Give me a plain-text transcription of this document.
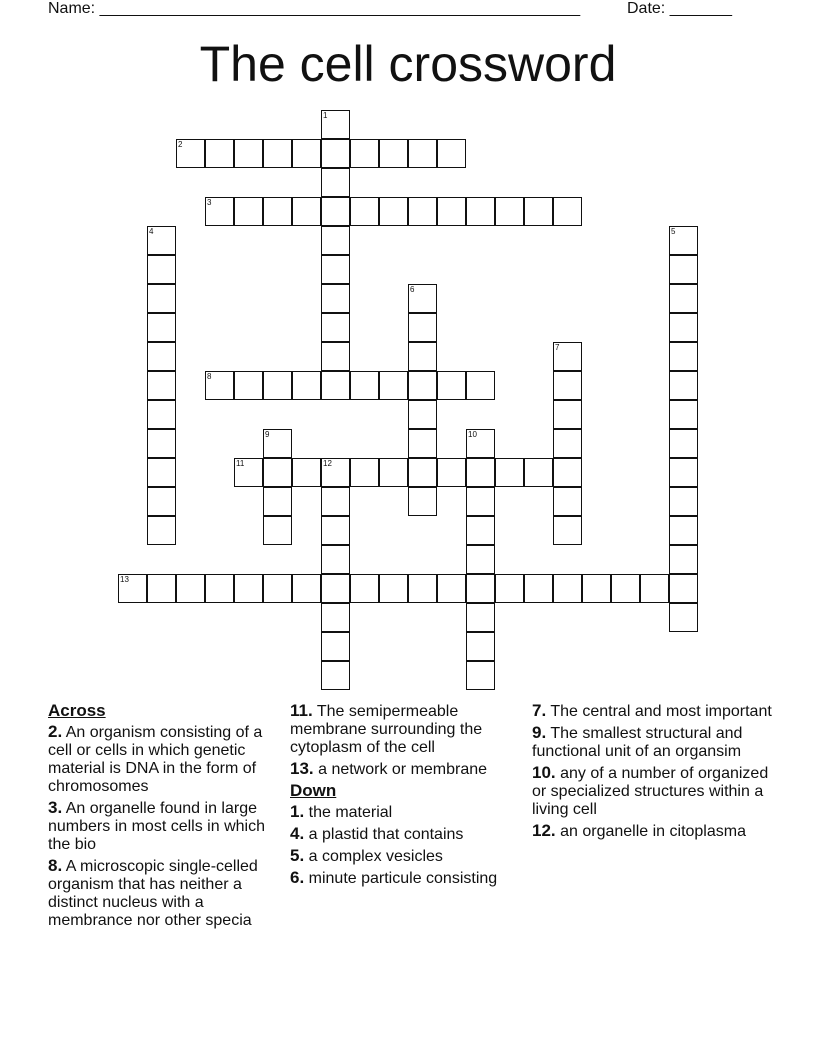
Name: ______________________________________________________	Date: _______
The cell crossword
1
2
3
4	5
6
7
8
9	10
11	12
13
Across
2. An organism consisting of a cell or cells in which genetic material is DNA in the form of chromosomes
3. An organelle found in large numbers in most cells in which the bio
8. A microscopic single-celled organism that has neither a distinct nucleus with a membrance nor other specia
11. The semipermeable membrane surrounding the cytoplasm of the cell
13. a network or membrane
Down
1. the material
4. a plastid that contains
5. a complex vesicles
6. minute particule consisting
7. The central and most important
9. The smallest structural and functional unit of an organsim
10. any of a number of organized or specialized structures within a living cell
12. an organelle in citoplasma
